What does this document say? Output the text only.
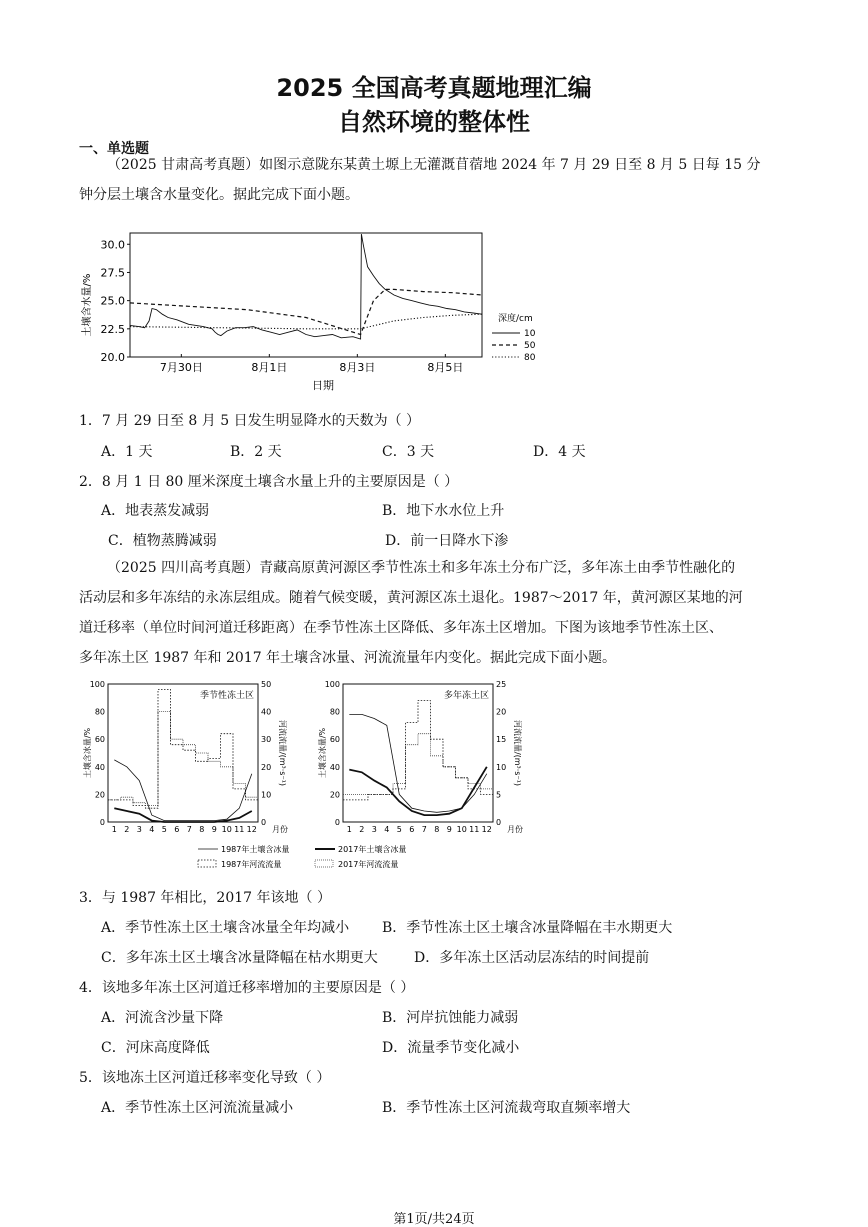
2025 全国高考真题地理汇编
自然环境的整体性
一、单选题
（2025 甘肃高考真题）如图示意陇东某黄土塬上无灌溉苜蓿地 2024 年 7 月 29 日至 8 月 5 日每 15 分
钟分层土壤含水量变化。据此完成下面小题。
土壤含水量/%
30.0
27.5
25.0
22.5
20.0
7月30日	8月1日	8月3日	8月5日
日期
深度/cm
10
50
80
1．7 月 29 日至 8 月 5 日发生明显降水的天数为（ ）
A．1 天	B．2 天	C．3 天	D．4 天
2．8 月 1 日 80 厘米深度土壤含水量上升的主要原因是（ ）
A．地表蒸发减弱	B．地下水水位上升
C．植物蒸腾减弱	D．前一日降水下渗
（2025 四川高考真题）青藏高原黄河源区季节性冻土和多年冻土分布广泛，多年冻土由季节性融化的
活动层和多年冻结的永冻层组成。随着气候变暖，黄河源区冻土退化。1987～2017 年，黄河源区某地的河
道迁移率（单位时间河道迁移距离）在季节性冻土区降低、多年冻土区增加。下图为该地季节性冻土区、
多年冻土区 1987 年和 2017 年土壤含冰量、河流流量年内变化。据此完成下面小题。
季节性冻土区
0
20
40
60
80
100
0
10
20
30
40
50
1 2 3 4 5 6 7 8 9 10 11 12 月份
土壤含冰量/%	河流流量/(m³·s⁻¹)
多年冻土区
0
20
40
60
80
100
0
5
10
15
20
25
1 2 3 4 5 6 7 8 9 10 11 12 月份
土壤含冰量/%	河流流量/(m³·s⁻¹)
1987年土壤含冰量	2017年土壤含冰量
1987年河流流量	2017年河流流量
3．与 1987 年相比，2017 年该地（ ）
A．季节性冻土区土壤含冰量全年均减小 B．季节性冻土区土壤含冰量降幅在丰水期更大
C．多年冻土区土壤含冰量降幅在枯水期更大	D．多年冻土区活动层冻结的时间提前
4．该地多年冻土区河道迁移率增加的主要原因是（ ）
A．河流含沙量下降	B．河岸抗蚀能力减弱
C．河床高度降低	D．流量季节变化减小
5．该地冻土区河道迁移率变化导致（ ）
A．季节性冻土区河流流量减小	B．季节性冻土区河流裁弯取直频率增大
第1页/共24页
